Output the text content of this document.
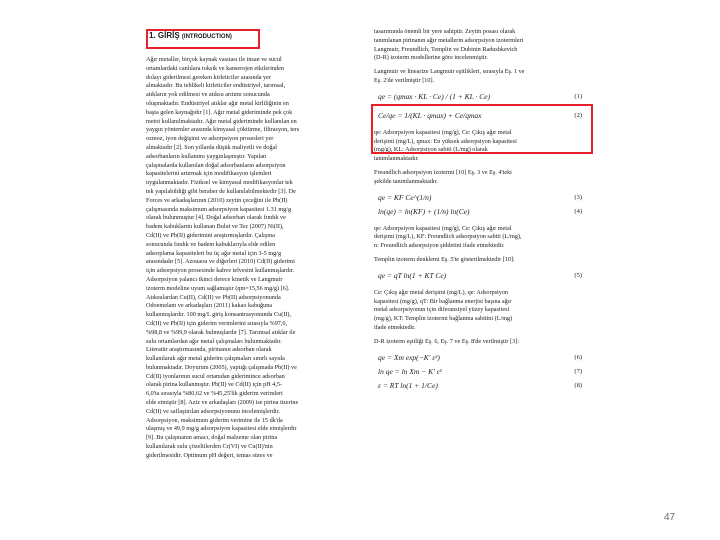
1. GİRİŞ (INTRODUCTION)

Ağır metaller, birçok kaynak vasıtası ile insan ve sucul

ortamlardaki canlılara toksik ve kanserojen etkilerinden

dolayı giderilmesi gereken kirleticiler arasında yer

almaktadır. Bu tehlikeli kirleticiler endüstriyel, tarımsal,

atıkların yok edilmesi ve atıksu arıtımı sonucunda

oluşmaktadır. Endüstriyel atıklar ağır metal kirliliğinin en

başta gelen kaynağıdır [1]. Ağır metal gideriminde pek çok

metot kullanılmaktadır. Ağır metal gideriminde kullanılan en

yaygın yöntemler arasında kimyasal çöktürme, filtrasyon, ters

ozmoz, iyon değişimi ve adsorpsiyon prosesleri yer

almaktadır [2]. Son yıllarda düşük maliyetli ve doğal

adsorbanların kullanımı yaygınlaşmıştır. Yapılan

çalışmalarda kullanılan doğal adsorbanların adsorpsiyon

kapasitelerini artırmak için modifikasyon işlemleri

uygulanmaktadır. Fiziksel ve kimyasal modifikasyonlar tek

tek yapılabildiği gibi beraber de kullanılabilmektedir [3]. De

Forces ve arkadaşlarının (2010) zeytin çeceğini ile Pb(II)

çalışmasında maksimum adsorpsiyon kapasitesi 1.31 mg/g

olarak bulunmuştur [4]. Doğal adsorban olarak fındık ve

badem kabuklarını kullanan Bulut ve Tez (2007) Ni(II),

Cd(II) ve Pb(II) giderimini araştırmışlardır. Çalışma

sonucunda fındık ve badem kabuklarıyla elde edilen

adsorplama kapasiteleri bu üç ağır metal için 3-5 mg/g

arasındadır [5]. Azouaou ve diğerleri (2010) Cd(II) giderimi

için adsorpsiyon prosesinde kahve telvesini kullanmışlardır.

Adsorpsiyon yalancı ikinci derece kinetik ve Langmuir

izoterm modeline uyum sağlamıştır (qm=15,56 mg/g) [6].

Atıksulardan Cu(II), Cd(II) ve Pb(II) adsorpsiyonunda

Odoemelam ve arkadaşları (2011) kakao kabuğuna

kullanmışlardır. 100 mg/L giriş konsantrasyonunda Cu(II),

Cd(II) ve Pb(II) için giderim verimlerini sırasıyla %97,6,

%98,8 ve %99,9 olarak bulmuşlardır [7]. Tarımsal atıklar ile

sulu ortamlardan ağır metal çalışmaları bulunmaktadır.

Literatür araştırmasında, pirinanın adsorban olarak

kullanılarak ağır metal giderim çalışmaları sınırlı sayıda

bulunmaktadır. Doyurum (2005), yaptığı çalışmada Pb(II) ve

Cd(II) iyonlarının sucul ortamdan giderimince adsorban

olarak pirina kullanmıştır. Pb(II) ve Cd(II) için pH 4,5-

6,0'ta sırasıyla %80,62 ve %45,25'lik giderim verimleri

elde etmiştir [8]. Aziz ve arkadaşları (2009) ise pirina üzerine

Cd(II) ve saflaştırılan adsorpsiyonunu incelemişlerdir.

Adsorpsiyon, maksimum giderim verimine ile 15 dk'da

ulaşmış ve 49,9 mg/g adsorpsiyon kapasitesi elde etmişlerdir

[9]. Bu çalışmanın amacı, doğal malzeme olan pirina

kullanılarak sulu çözeltilerden Cr(VI) ve Cu(II)'nin

giderilmesidir. Optimum pH değeri, temas süres ve

tasarımında önemli bir yere sahiptir. Zeytin posası olarak

tanımlanan pirinanın ağır metallerin adsorpsiyon izotermleri

Langmuir, Freundlich, Templin ve Dubinin Radushkevich

(D-R) izoterm modellerine göre incelenmiştir.

Langmuir ve linearize Langmuir eşitlikleri, sırasıyla Eş. 1 ve

Eş. 2'de verilmiştir [10].

qe = (qmax · KL · Ce) / (1 + KL · Ce)	(1)
Ce/qe = 1/(KL · qmax) + Ce/qmax	(2)

qe: Adsorpsiyon kapasitesi (mg/g), Ce: Çıkış ağır metal

derişimi (mg/L), qmax: En yüksek adsorpsiyon kapasitesi

(mg/g), KL: Adsorpsiyon sabiti (L/mg) olarak

tanımlanmaktadır.

Freundlich adsorpsiyon izotermi [10] Eş. 3 ve Eş. 4'teki

şekilde tanımlanmaktadır.

qe = KF Ce^(1/n)	(3)
ln(qe) = ln(KF) + (1/n) ln(Ce)	(4)

qe: Adsorpsiyon kapasitesi (mg/g), Ce: Çıkış ağır metal

derişimi (mg/L), KF: Freundlich adsorpsiyon sabiti (L/mg),

n: Freundlich adsorpsiyon şiddetini ifade etmektedir.

Templin izoterm denklemi Eş. 5'te gösterilmektedir [10]:

qe = qT ln(1 + KT Ce)	(5)

Ce: Çıkış ağır metal derişimi (mg/L), qe: Adsorpsiyon

kapasitesi (mg/g), qT: Bir bağlanma enerjisi başına ağır

metal adsorpsiyonun için diferansiyel yüzey kapasitesi

(mg/g), KT: Templin izotermi bağlanma sabitini (L/mg)

ifade etmektedir.

D-R izoterm eşitliği Eş. 6, Eş. 7 ve Eş. 8'de verilmiştir [3]:

qe = Xm exp(−K' ε²)	(6)
ln qe = ln Xm − K' ε²	(7)
ε = RT ln(1 + 1/Ce)	(8)
47
